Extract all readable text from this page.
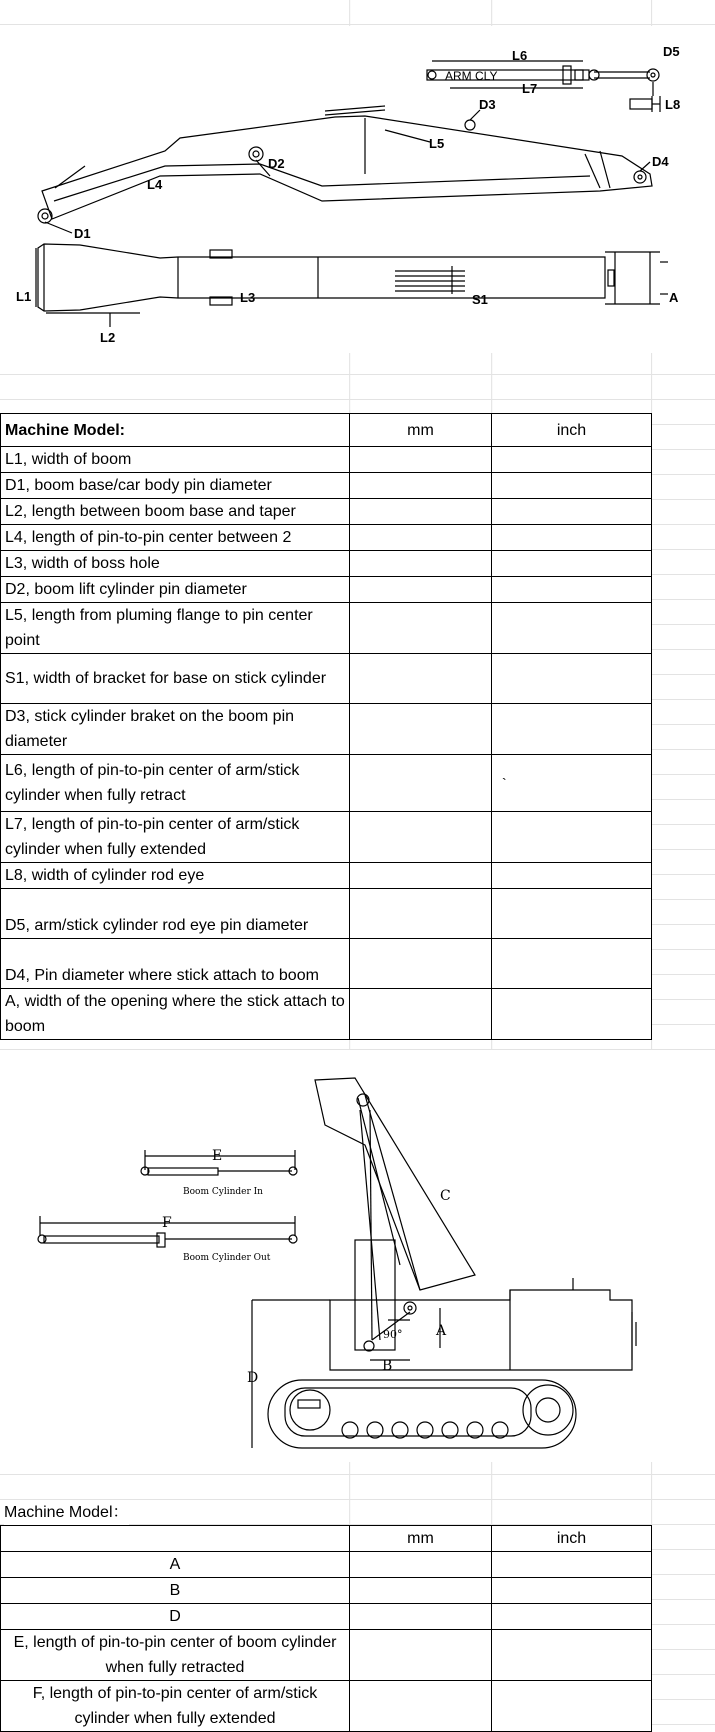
L6	D5
ARM CLY
L7
L8
D3
L5
D2
L4
D4
D1
L1
L2
L3	S1	A
Machine Model:	mm	inch
L1, width of boom		
D1, boom base/car body pin diameter		
L2, length between boom base and taper		
L4, length of pin-to-pin center between 2		
L3, width of boss hole		
D2, boom lift cylinder pin diameter		
L5, length from pluming flange to pin center point		
S1, width of bracket for base on stick cylinder		
D3, stick cylinder braket on the boom pin diameter		
L6, length of pin-to-pin center of arm/stick cylinder when fully retract		`

L7, length of pin-to-pin center of arm/stick cylinder when fully extended		
L8, width of cylinder rod eye		
D5, arm/stick cylinder rod eye pin diameter		
D4, Pin diameter where stick attach to boom		
A, width of the opening where the stick attach to boom		
E
Boom Cylinder In
F
Boom Cylinder Out
C
A
90°
B
D
Machine Model：
	mm	inch
A		
B		
D		
E, length of pin-to-pin center of boom cylinder when fully retracted		
F, length of pin-to-pin center of arm/stick cylinder when fully extended		
